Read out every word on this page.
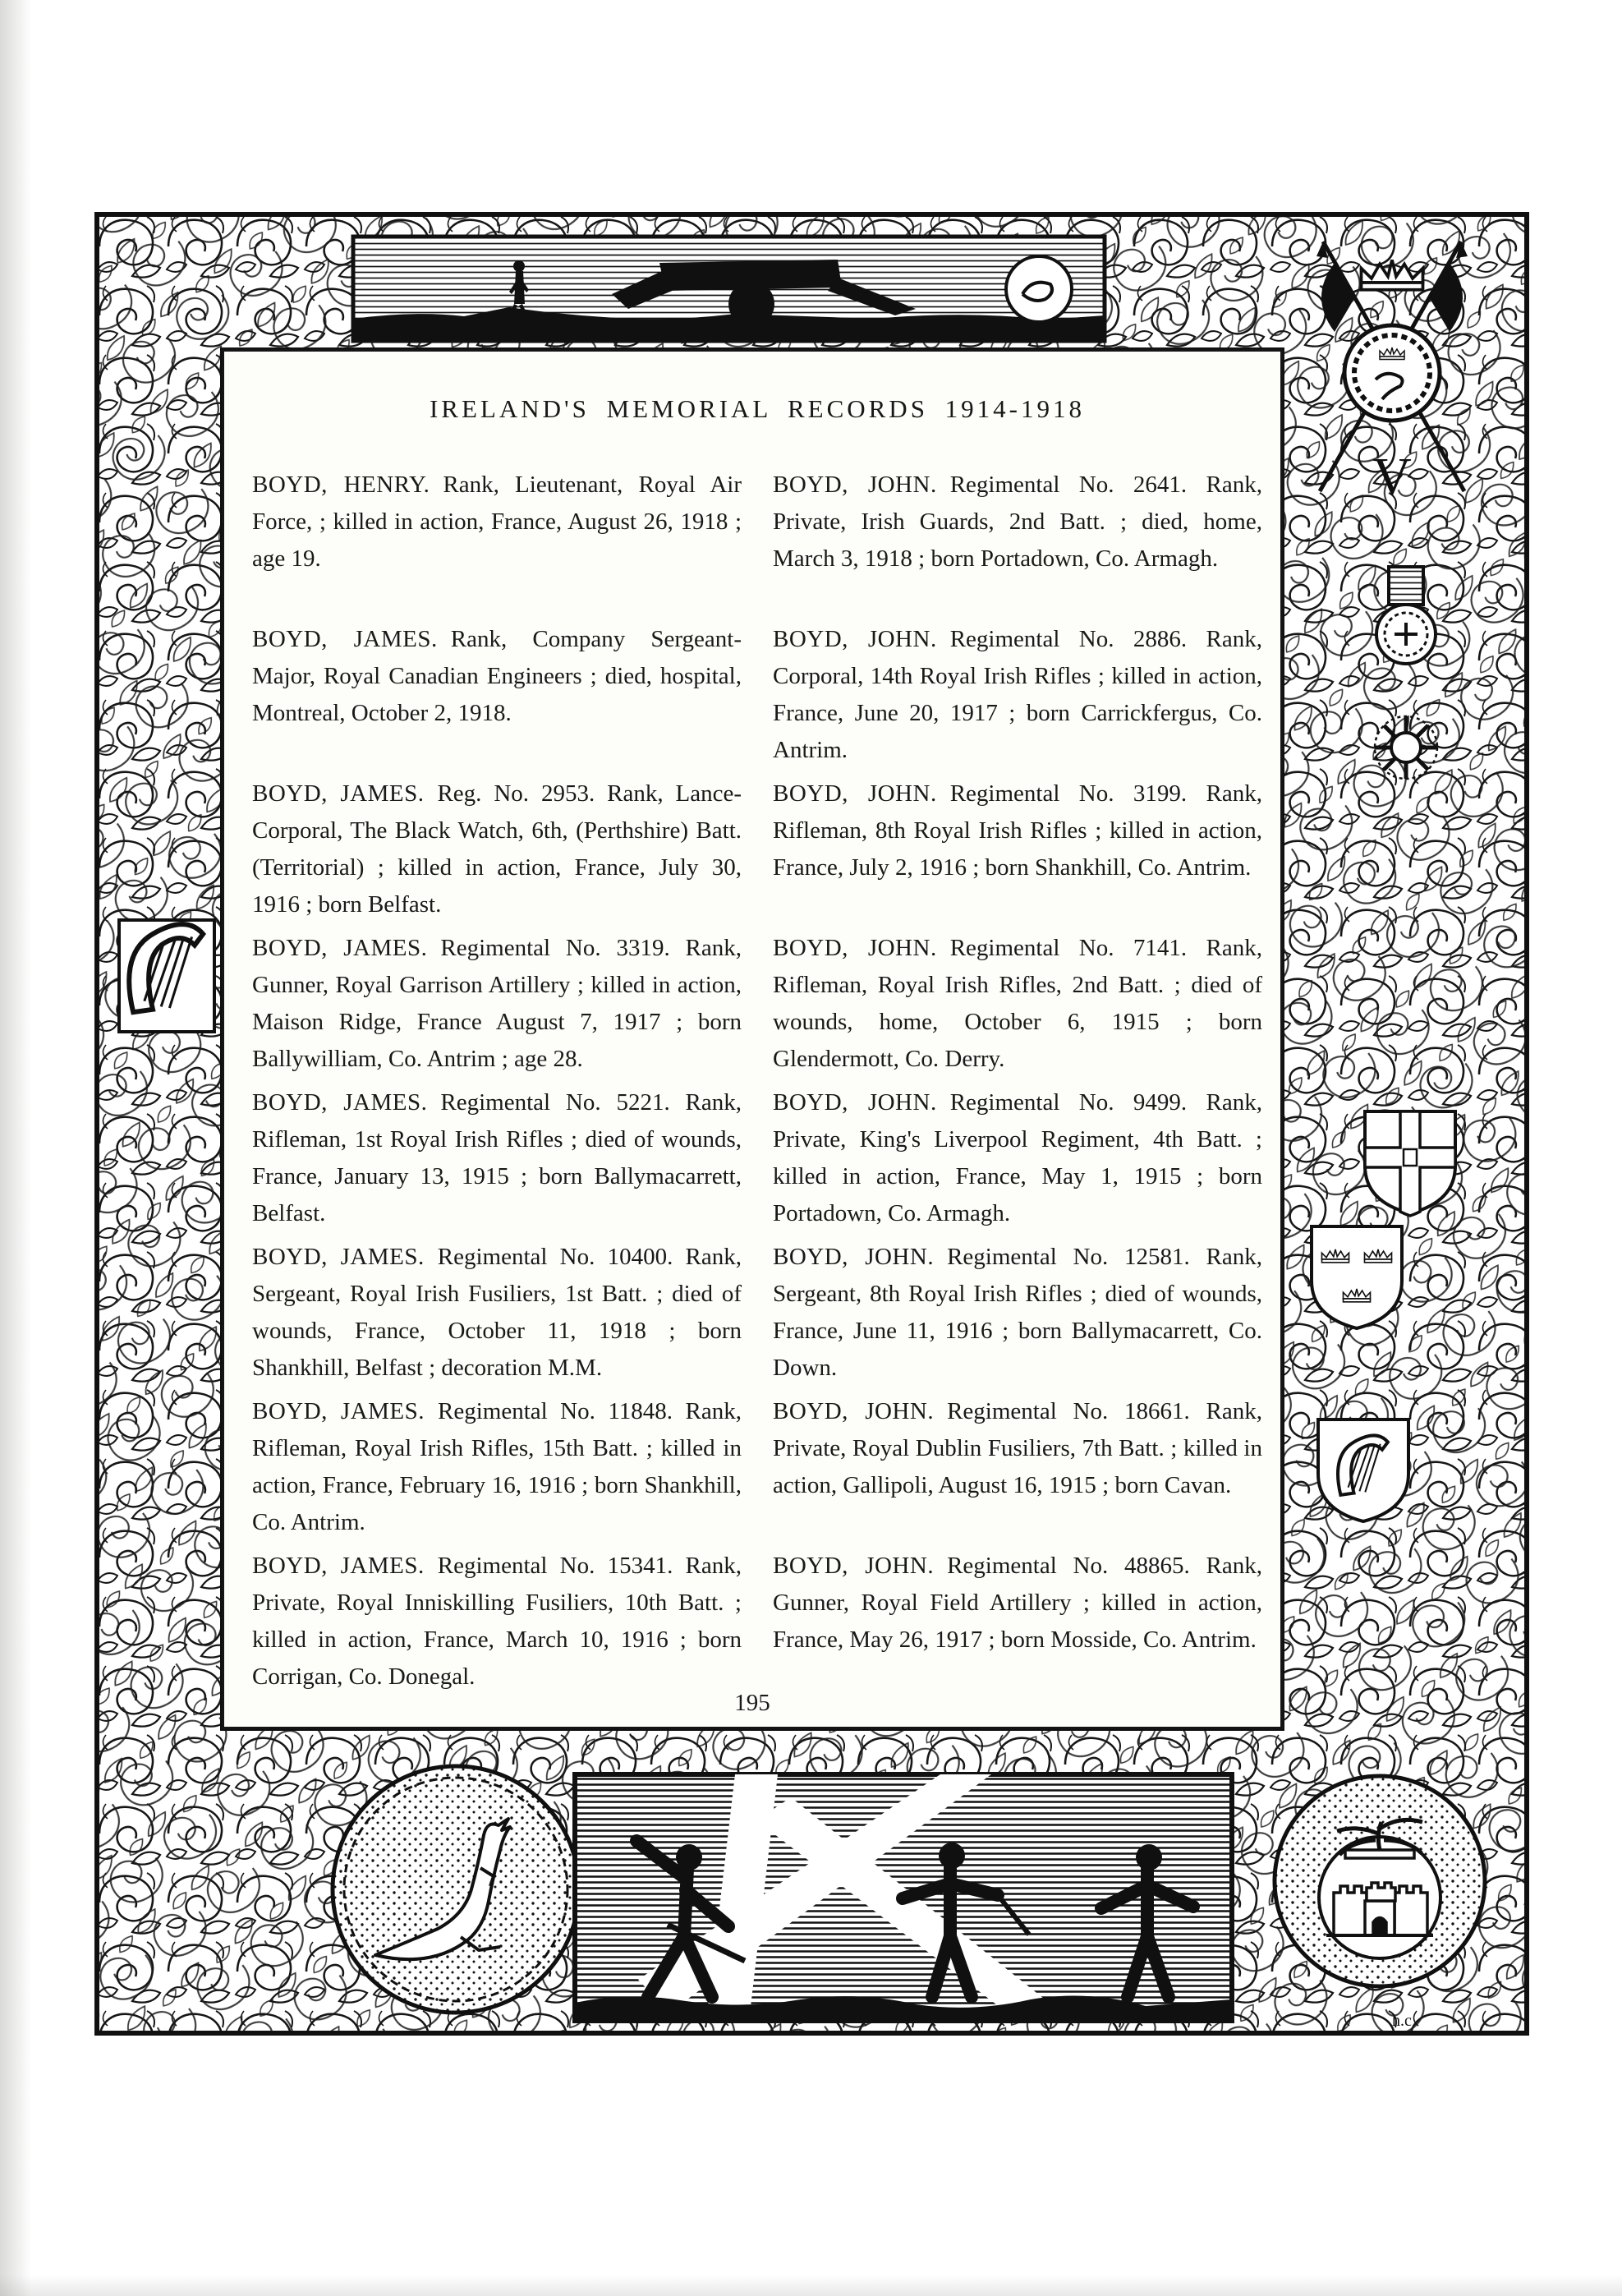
V
h.c
IRELAND'S MEMORIAL RECORDS 1914-1918

BOYD, HENRY. Rank, Lieutenant, Royal Air Force, ; killed in action, France, August 26, 1918 ; age 19.

BOYD, JAMES. Rank, Company Sergeant-Major, Royal Canadian Engineers ; died, hospital, Montreal, October 2, 1918.

BOYD, JAMES. Reg. No. 2953. Rank, Lance-Corporal, The Black Watch, 6th, (Perthshire) Batt. (Territorial) ; killed in action, France, July 30, 1916 ; born Belfast.

BOYD, JAMES. Regimental No. 3319. Rank, Gunner, Royal Garrison Artillery ; killed in action, Maison Ridge, France August 7, 1917 ; born Ballywilliam, Co. Antrim ; age 28.

BOYD, JAMES. Regimental No. 5221. Rank, Rifleman, 1st Royal Irish Rifles ; died of wounds, France, January 13, 1915 ; born Ballymacarrett, Belfast.

BOYD, JAMES. Regimental No. 10400. Rank, Sergeant, Royal Irish Fusiliers, 1st Batt. ; died of wounds, France, October 11, 1918 ; born Shankhill, Belfast ; decoration M.M.

BOYD, JAMES. Regimental No. 11848. Rank, Rifleman, Royal Irish Rifles, 15th Batt. ; killed in action, France, February 16, 1916 ; born Shankhill, Co. Antrim.

BOYD, JAMES. Regimental No. 15341. Rank, Private, Royal Inniskilling Fusiliers, 10th Batt. ; killed in action, France, March 10, 1916 ; born Corrigan, Co. Donegal.

BOYD, JOHN. Regimental No. 2641. Rank, Private, Irish Guards, 2nd Batt. ; died, home, March 3, 1918 ; born Portadown, Co. Armagh.

BOYD, JOHN. Regimental No. 2886. Rank, Corporal, 14th Royal Irish Rifles ; killed in action, France, June 20, 1917 ; born Carrickfergus, Co. Antrim.

BOYD, JOHN. Regimental No. 3199. Rank, Rifleman, 8th Royal Irish Rifles ; killed in action, France, July 2, 1916 ; born Shankhill, Co. Antrim.

BOYD, JOHN. Regimental No. 7141. Rank, Rifleman, Royal Irish Rifles, 2nd Batt. ; died of wounds, home, October 6, 1915 ; born Glendermott, Co. Derry.

BOYD, JOHN. Regimental No. 9499. Rank, Private, King's Liverpool Regiment, 4th Batt. ; killed in action, France, May 1, 1915 ; born Portadown, Co. Armagh.

BOYD, JOHN. Regimental No. 12581. Rank, Sergeant, 8th Royal Irish Rifles ; died of wounds, France, June 11, 1916 ; born Ballymacarrett, Co. Down.

BOYD, JOHN. Regimental No. 18661. Rank, Private, Royal Dublin Fusiliers, 7th Batt. ; killed in action, Gallipoli, August 16, 1915 ; born Cavan.

BOYD, JOHN. Regimental No. 48865. Rank, Gunner, Royal Field Artillery ; killed in action, France, May 26, 1917 ; born Mosside, Co. Antrim.

195
